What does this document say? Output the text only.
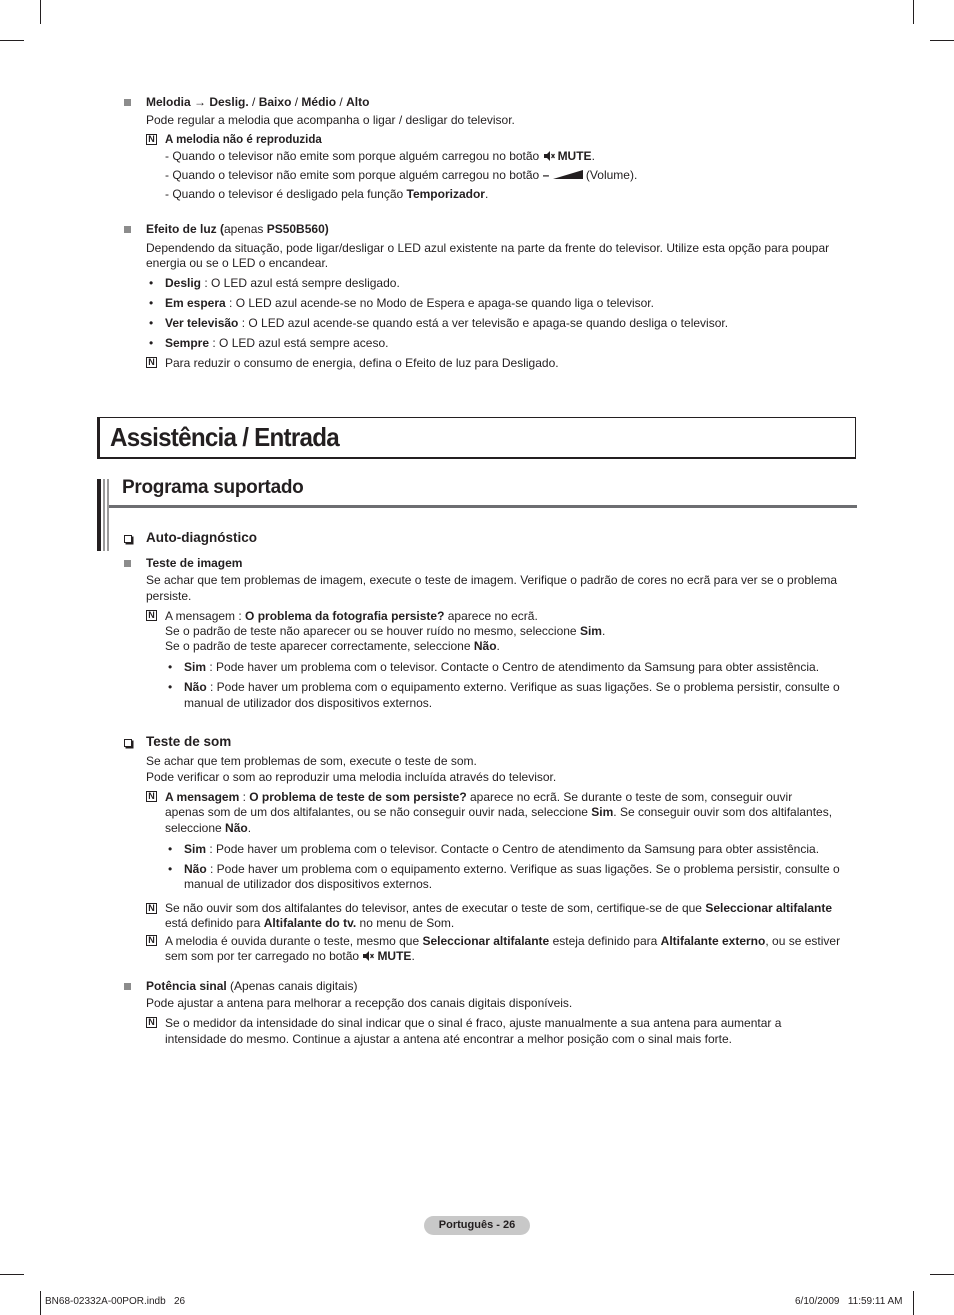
Melodia → Deslig. / Baixo / Médio / Alto
Pode regular a melodia que acompanha o ligar / desligar do televisor.
N A melodia não é reproduzida
- Quando o televisor não emite som porque alguém carregou no botão MUTE.
- Quando o televisor não emite som porque alguém carregou no botão –	(Volume).
- Quando o televisor é desligado pela função Temporizador.
Efeito de luz (apenas PS50B560)
Dependendo da situação, pode ligar/desligar o LED azul existente na parte da frente do televisor. Utilize esta opção para poupar
energia ou se o LED o encandear.
• Deslig : O LED azul está sempre desligado.
• Em espera : O LED azul acende-se no Modo de Espera e apaga-se quando liga o televisor.
• Ver televisão : O LED azul acende-se quando está a ver televisão e apaga-se quando desliga o televisor.
• Sempre : O LED azul está sempre aceso.
N Para reduzir o consumo de energia, defina o Efeito de luz para Desligado.
Assistência / Entrada
Programa suportado
Auto-diagnóstico
Teste de imagem
Se achar que tem problemas de imagem, execute o teste de imagem. Verifique o padrão de cores no ecrã para ver se o problema
persiste.
N A mensagem : O problema da fotografia persiste? aparece no ecrã.
Se o padrão de teste não aparecer ou se houver ruído no mesmo, seleccione Sim.
Se o padrão de teste aparecer correctamente, seleccione Não.
• Sim : Pode haver um problema com o televisor. Contacte o Centro de atendimento da Samsung para obter assistência.
• Não : Pode haver um problema com o equipamento externo. Verifique as suas ligações. Se o problema persistir, consulte o
manual de utilizador dos dispositivos externos.
Teste de som
Se achar que tem problemas de som, execute o teste de som.
Pode verificar o som ao reproduzir uma melodia incluída através do televisor.
N A mensagem : O problema de teste de som persiste? aparece no ecrã. Se durante o teste de som, conseguir ouvir
apenas som de um dos altifalantes, ou se não conseguir ouvir nada, seleccione Sim. Se conseguir ouvir som dos altifalantes,
seleccione Não.
• Sim : Pode haver um problema com o televisor. Contacte o Centro de atendimento da Samsung para obter assistência.
• Não : Pode haver um problema com o equipamento externo. Verifique as suas ligações. Se o problema persistir, consulte o
manual de utilizador dos dispositivos externos.
N Se não ouvir som dos altifalantes do televisor, antes de executar o teste de som, certifique-se de que Seleccionar altifalante
está definido para Altifalante do tv. no menu de Som.
N A melodia é ouvida durante o teste, mesmo que Seleccionar altifalante esteja definido para Altifalante externo, ou se estiver
sem som por ter carregado no botão MUTE.
Potência sinal (Apenas canais digitais)
Pode ajustar a antena para melhorar a recepção dos canais digitais disponíveis.
N Se o medidor da intensidade do sinal indicar que o sinal é fraco, ajuste manualmente a sua antena para aumentar a
intensidade do mesmo. Continue a ajustar a antena até encontrar a melhor posição com o sinal mais forte.
Português - 26
BN68-02332A-00POR.indb   26	6/10/2009   11:59:11 AM
